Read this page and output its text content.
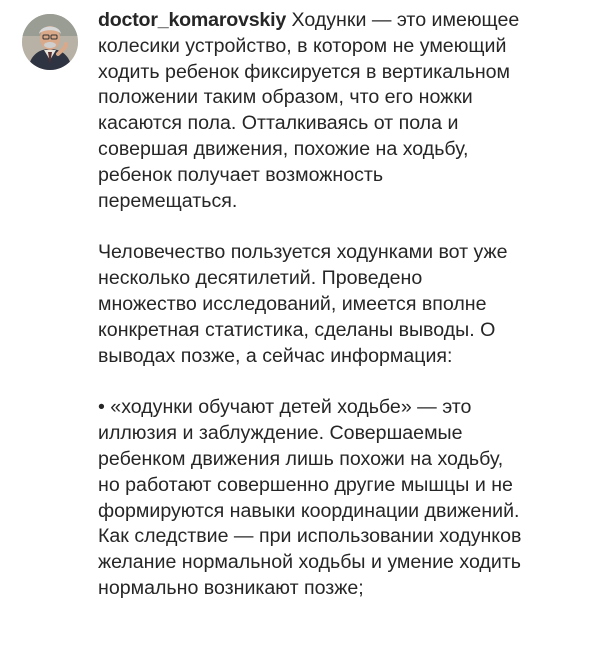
doctor_komarovskiy Ходунки — это имеющее колесики устройство, в котором не умеющий ходить ребенок фиксируется в вертикальном положении таким образом, что его ножки касаются пола. Отталкиваясь от пола и совершая движения, похожие на ходьбу, ребенок получает возможность перемещаться.

Человечество пользуется ходунками вот уже несколько десятилетий. Проведено множество исследований, имеется вполне конкретная статистика, сделаны выводы. О выводах позже, а сейчас информация:

• «ходунки обучают детей ходьбе» — это иллюзия и заблуждение. Совершаемые ребенком движения лишь похожи на ходьбу, но работают совершенно другие мышцы и не формируются навыки координации движений. Как следствие — при использовании ходунков желание нормальной ходьбы и умение ходить нормально возникают позже;
